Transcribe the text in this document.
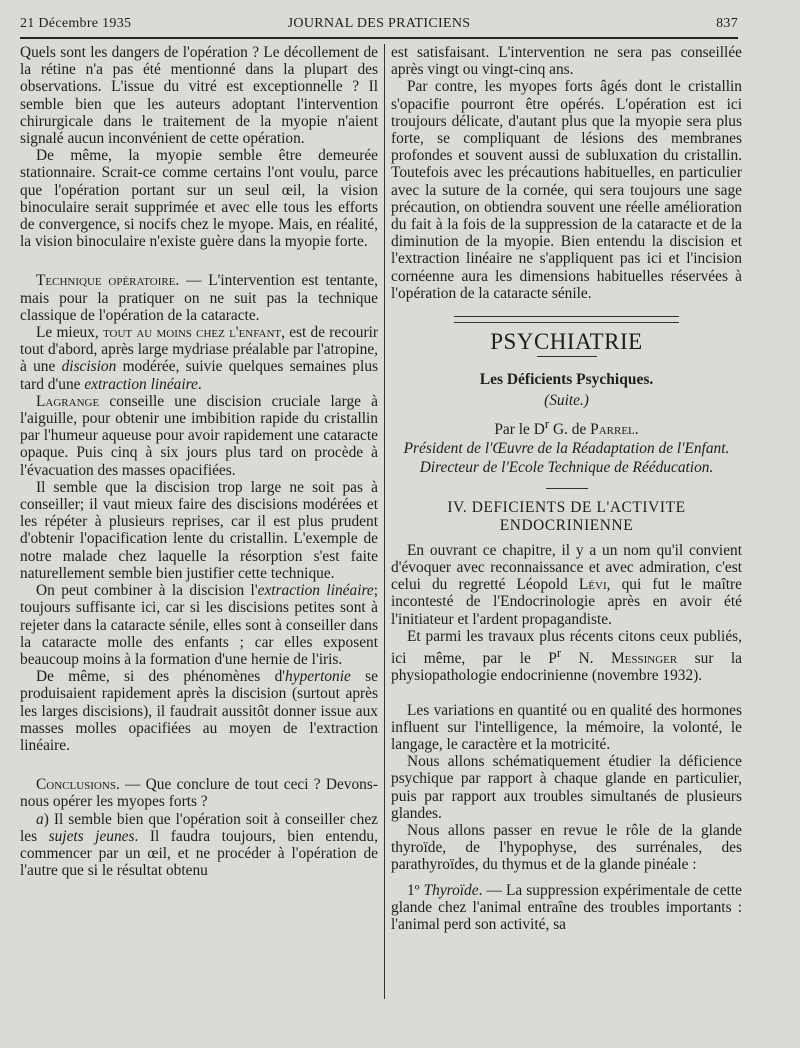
21 Décembre 1935	JOURNAL DES PRATICIENS	837

Quels sont les dangers de l'opération ? Le décollement de la rétine n'a pas été mentionné dans la plupart des observations. L'issue du vitré est exceptionnelle ? Il semble bien que les auteurs adoptant l'intervention chirurgicale dans le traitement de la myopie n'aient signalé aucun inconvénient de cette opération.

De même, la myopie semble être demeurée stationnaire. Scrait-ce comme certains l'ont voulu, parce que l'opération portant sur un seul œil, la vision binoculaire serait supprimée et avec elle tous les efforts de convergence, si nocifs chez le myope. Mais, en réalité, la vision binoculaire n'existe guère dans la myopie forte.

Technique opératoire. — L'intervention est tentante, mais pour la pratiquer on ne suit pas la technique classique de l'opération de la cataracte.

Le mieux, tout au moins chez l'enfant, est de recourir tout d'abord, après large mydriase préalable par l'atropine, à une discision modérée, suivie quelques semaines plus tard d'une extraction linéaire.

Lagrange conseille une discision cruciale large à l'aiguille, pour obtenir une imbibition rapide du cristallin par l'humeur aqueuse pour avoir rapidement une cataracte opaque. Puis cinq à six jours plus tard on procède à l'évacuation des masses opacifiées.

Il semble que la discision trop large ne soit pas à conseiller; il vaut mieux faire des discisions modérées et les répéter à plusieurs reprises, car il est plus prudent d'obtenir l'opacification lente du cristallin. L'exemple de notre malade chez laquelle la résorption s'est faite naturellement semble bien justifier cette technique.

On peut combiner à la discision l'extraction linéaire; toujours suffisante ici, car si les discisions petites sont à rejeter dans la cataracte sénile, elles sont à conseiller dans la cataracte molle des enfants ; car elles exposent beaucoup moins à la formation d'une hernie de l'iris.

De même, si des phénomènes d'hypertonie se produisaient rapidement après la discision (surtout après les larges discisions), il faudrait aussitôt donner issue aux masses molles opacifiées au moyen de l'extraction linéaire.

Conclusions. — Que conclure de tout ceci ? Devons-nous opérer les myopes forts ?

a) Il semble bien que l'opération soit à conseiller chez les sujets jeunes. Il faudra toujours, bien entendu, commencer par un œil, et ne procéder à l'opération de l'autre que si le résultat obtenu

est satisfaisant. L'intervention ne sera pas conseillée après vingt ou vingt-cinq ans.

Par contre, les myopes forts âgés dont le cristallin s'opacifie pourront être opérés. L'opération est ici troujours délicate, d'autant plus que la myopie sera plus forte, se compliquant de lésions des membranes profondes et souvent aussi de subluxation du cristallin. Toutefois avec les précautions habituelles, en particulier avec la suture de la cornée, qui sera toujours une sage précaution, on obtiendra souvent une réelle amélioration du fait à la fois de la suppression de la cataracte et de la diminution de la myopie. Bien entendu la discision et l'extraction linéaire ne s'appliquent pas ici et l'incision cornéenne aura les dimensions habituelles réservées à l'opération de la cataracte sénile.

PSYCHIATRIE
Les Déficients Psychiques.
(Suite.)
Par le $D^r$ G. de Parrel.
Président de l'Œuvre de la Réadaptation de l'Enfant.
Directeur de l'Ecole Technique de Rééducation.
IV. DEFICIENTS DE L'ACTIVITE
ENDOCRINIENNE

En ouvrant ce chapitre, il y a un nom qu'il convient d'évoquer avec reconnaissance et avec admiration, c'est celui du regretté Léopold Lévi, qui fut le maître incontesté de l'Endocrinologie après en avoir été l'initiateur et l'ardent propagandiste.

Et parmi les travaux plus récents citons ceux publiés, ici même, par le $P^r$ N. Messinger sur la physiopathologie endocrinienne (novembre 1932).

Les variations en quantité ou en qualité des hormones influent sur l'intelligence, la mémoire, la volonté, le langage, le caractère et la motricité.

Nous allons schématiquement étudier la déficience psychique par rapport à chaque glande en particulier, puis par rapport aux troubles simultanés de plusieurs glandes.

Nous allons passer en revue le rôle de la glande thyroïde, de l'hypophyse, des surrénales, des parathyroïdes, du thymus et de la glande pinéale :

1º Thyroïde. — La suppression expérimentale de cette glande chez l'animal entraîne des troubles importants : l'animal perd son activité, sa
